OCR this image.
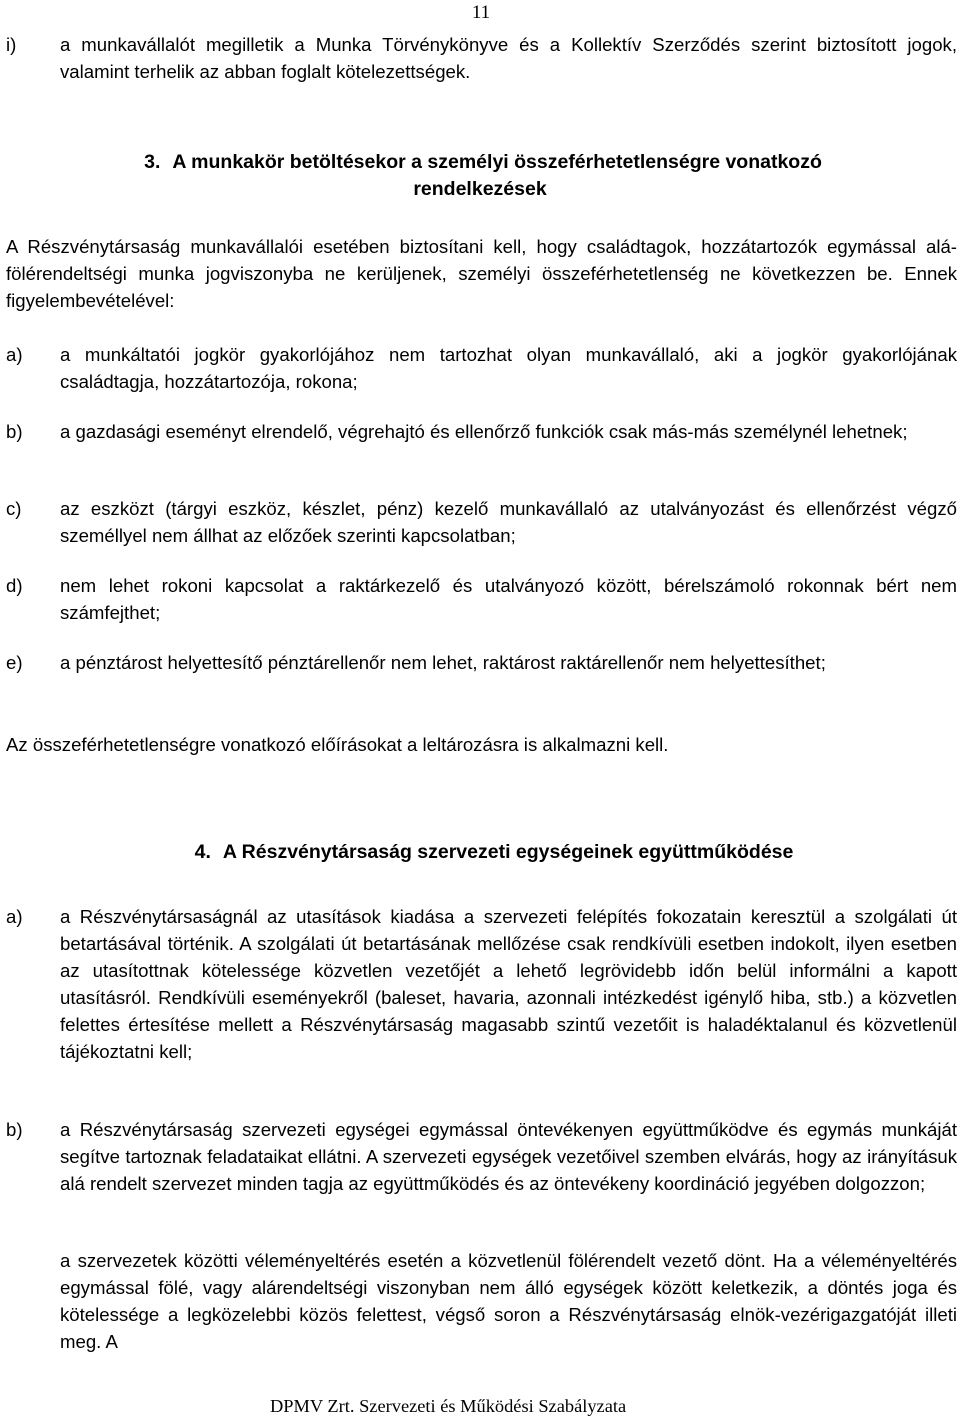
11
i)	a munkavállalót megilletik a Munka Törvénykönyve és a Kollektív Szerződés szerint biztosított jogok, valamint terhelik az abban foglalt kötelezettségek.
3. A munkakör betöltésekor a személyi összeférhetetlenségre vonatkozó
rendelkezések
A Részvénytársaság munkavállalói esetében biztosítani kell, hogy családtagok, hozzátartozók egymással alá- fölérendeltségi munka jogviszonyba ne kerüljenek, személyi összeférhetetlenség ne következzen be. Ennek figyelembevételével:
a)	a munkáltatói jogkör gyakorlójához nem tartozhat olyan munkavállaló, aki a jogkör gyakorlójának családtagja, hozzátartozója, rokona;
b)	a gazdasági eseményt elrendelő, végrehajtó és ellenőrző funkciók csak más-más személynél lehetnek;
c)	az eszközt (tárgyi eszköz, készlet, pénz) kezelő munkavállaló az utalványozást és ellenőrzést végző személlyel nem állhat az előzőek szerinti kapcsolatban;
d)	nem lehet rokoni kapcsolat a raktárkezelő és utalványozó között, bérelszámoló rokonnak bért nem számfejthet;
e)	a pénztárost helyettesítő pénztárellenőr nem lehet, raktárost raktárellenőr nem helyettesíthet;
Az összeférhetetlenségre vonatkozó előírásokat a leltározásra is alkalmazni kell.
4. A Részvénytársaság szervezeti egységeinek együttműködése
a)	a Részvénytársaságnál az utasítások kiadása a szervezeti felépítés fokozatain keresztül a szolgálati út betartásával történik. A szolgálati út betartásának mellőzése csak rendkívüli esetben indokolt, ilyen esetben az utasítottnak kötelessége közvetlen vezetőjét a lehető legrövidebb időn belül informálni a kapott utasításról. Rendkívüli eseményekről (baleset, havaria, azonnali intézkedést igénylő hiba, stb.) a közvetlen felettes értesítése mellett a Részvénytársaság magasabb szintű vezetőit is haladéktalanul és közvetlenül tájékoztatni kell;
b)	a Részvénytársaság szervezeti egységei egymással öntevékenyen együttműködve és egymás munkáját segítve tartoznak feladataikat ellátni. A szervezeti egységek vezetőivel szemben elvárás, hogy az irányításuk alá rendelt szervezet minden tagja az együttműködés és az öntevékeny koordináció jegyében dolgozzon;
a szervezetek közötti véleményeltérés esetén a közvetlenül fölérendelt vezető dönt. Ha a véleményeltérés egymással fölé, vagy alárendeltségi viszonyban nem álló egységek között keletkezik, a döntés joga és kötelessége a legközelebbi közös felettest, végső soron a Részvénytársaság elnök-vezérigazgatóját illeti meg. A
DPMV Zrt. Szervezeti és Működési Szabályzata
